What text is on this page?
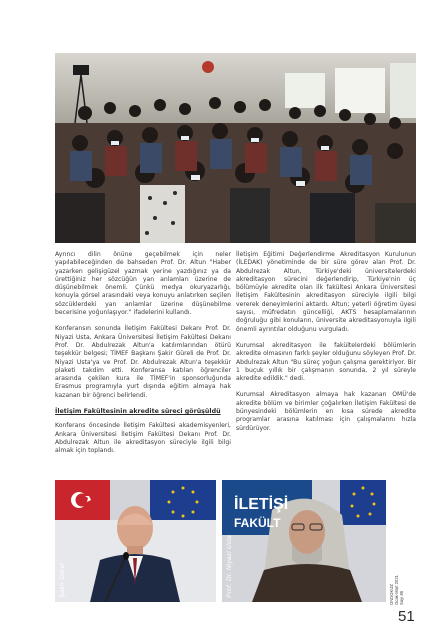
Ayrıncı dilin önüne geçebilmek için neler yapılabileceğinden de bahseden Prof. Dr. Altun "Haber yazarken gelişigüzel yazmak yerine yazdığınız ya da ürettiğiniz her sözcüğün yan anlamları üzerine de düşünebilmek önemli. Çünkü medya okuryazarlığı, konuyla görsel arasındaki veya konuyu anlatırken seçilen sözcüklerdeki yan anlamlar üzerine düşünebilme becerisine yoğunlaşıyor." ifadelerini kullandı.

Konferansın sonunda İletişim Fakültesi Dekanı Prof. Dr. Niyazi Usta, Ankara Üniversitesi İletişim Fakültesi Dekanı Prof. Dr. Abdulrezak Altun'a katılımlarından ötürü teşekkür belgesi; TİMEF Başkanı Şakir Güreli de Prof. Dr. Niyazi Usta'ya ve Prof. Dr. Abdulrezak Altun'a teşekkür plaketi takdim etti. Konferansa katılan öğrenciler arasında çekilen kura ile TİMEF'in sponsorluğunda Erasmus programıyla yurt dışında eğitim almaya hak kazanan bir öğrenci belirlendi.

İletişim Fakültesinin akredite süreci görüşüldü

Konferans öncesinde İletişim Fakültesi akademisyenleri, Ankara Üniversitesi İletişim Fakültesi Dekanı Prof. Dr. Abdulrezak Altun ile akreditasyon süreciyle ilgili bilgi almak için toplandı.

İletişim Eğitimi Değerlendirme Akreditasyon Kurulunun (İLEDAK) yönetiminde de bir süre görev alan Prof. Dr. Abdulrezak Altun, Türkiye'deki üniversitelerdeki akreditasyon sürecini değerlendirip, Türkiye'nin üç bölümüyle akredite olan ilk fakültesi Ankara Üniversitesi İletişim Fakültesinin akreditasyon süreciyle ilgili bilgi vererek deneyimlerini aktardı. Altun; yeterli öğretim üyesi sayısı, müfredatın güncelliği, AKTS hesaplamalarının doğruluğu gibi konuların, üniversite akreditasyonuyla ilgili önemli ayrıntılar olduğunu vurguladı.

Kurumsal akreditasyon ile fakültelerdeki bölümlerin akredite olmasının farklı şeyler olduğunu söyleyen Prof. Dr. Abdulrezak Altun "Bu süreç yoğun çalışma gerektiriyor. Bir 1 buçuk yıllık bir çalışmanın sonunda, 2 yıl süreyle akredite edildik." dedi.

Kurumsal Akreditasyon almaya hak kazanan OMÜ'de akredite bölüm ve birimler çoğalırken İletişim Fakültesi de bünyesindeki bölümlerin en kısa sürede akredite programlar arasına katılması için çalışmalarını hızla sürdürüyor.

Şakir Gürel
İLETİŞİ
FAKÜLT
Prof. Dr. Niyazi Usta	ONDOKUZ Ocak-Mart 2021 Sayı 86
51
